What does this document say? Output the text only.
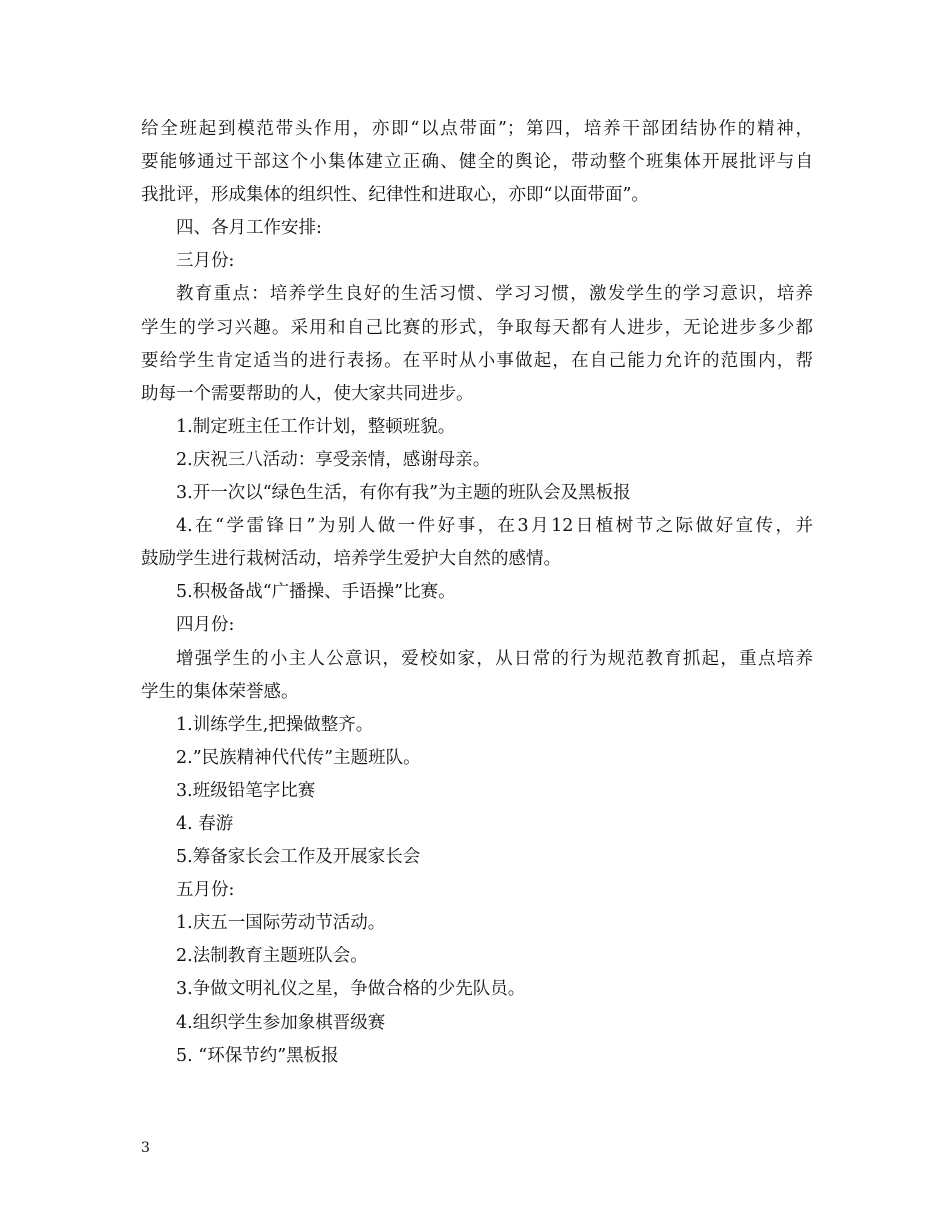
给全班起到模范带头作用，亦即“以点带面”；第四，培养干部团结协作的精神，
要能够通过干部这个小集体建立正确、健全的舆论，带动整个班集体开展批评与自
我批评，形成集体的组织性、纪律性和进取心，亦即“以面带面”。
四、各月工作安排:
三月份:
教育重点：培养学生良好的生活习惯、学习习惯，激发学生的学习意识，培养
学生的学习兴趣。采用和自己比赛的形式，争取每天都有人进步，无论进步多少都
要给学生肯定适当的进行表扬。在平时从小事做起，在自己能力允许的范围内，帮
助每一个需要帮助的人，使大家共同进步。
1.制定班主任工作计划，整顿班貌。
2.庆祝三八活动：享受亲情，感谢母亲。
3.开一次以“绿色生活，有你有我”为主题的班队会及黑板报
4.在“学雷锋日”为别人做一件好事，在3月12日植树节之际做好宣传，并
鼓励学生进行栽树活动，培养学生爱护大自然的感情。
5.积极备战“广播操、手语操”比赛。
四月份:
增强学生的小主人公意识，爱校如家，从日常的行为规范教育抓起，重点培养
学生的集体荣誉感。
1.训练学生,把操做整齐。
2.”民族精神代代传”主题班队。
3.班级铅笔字比赛
4. 春游
5.筹备家长会工作及开展家长会
五月份:
1.庆五一国际劳动节活动。
2.法制教育主题班队会。
3.争做文明礼仪之星，争做合格的少先队员。
4.组织学生参加象棋晋级赛
5. “环保节约”黑板报
3
